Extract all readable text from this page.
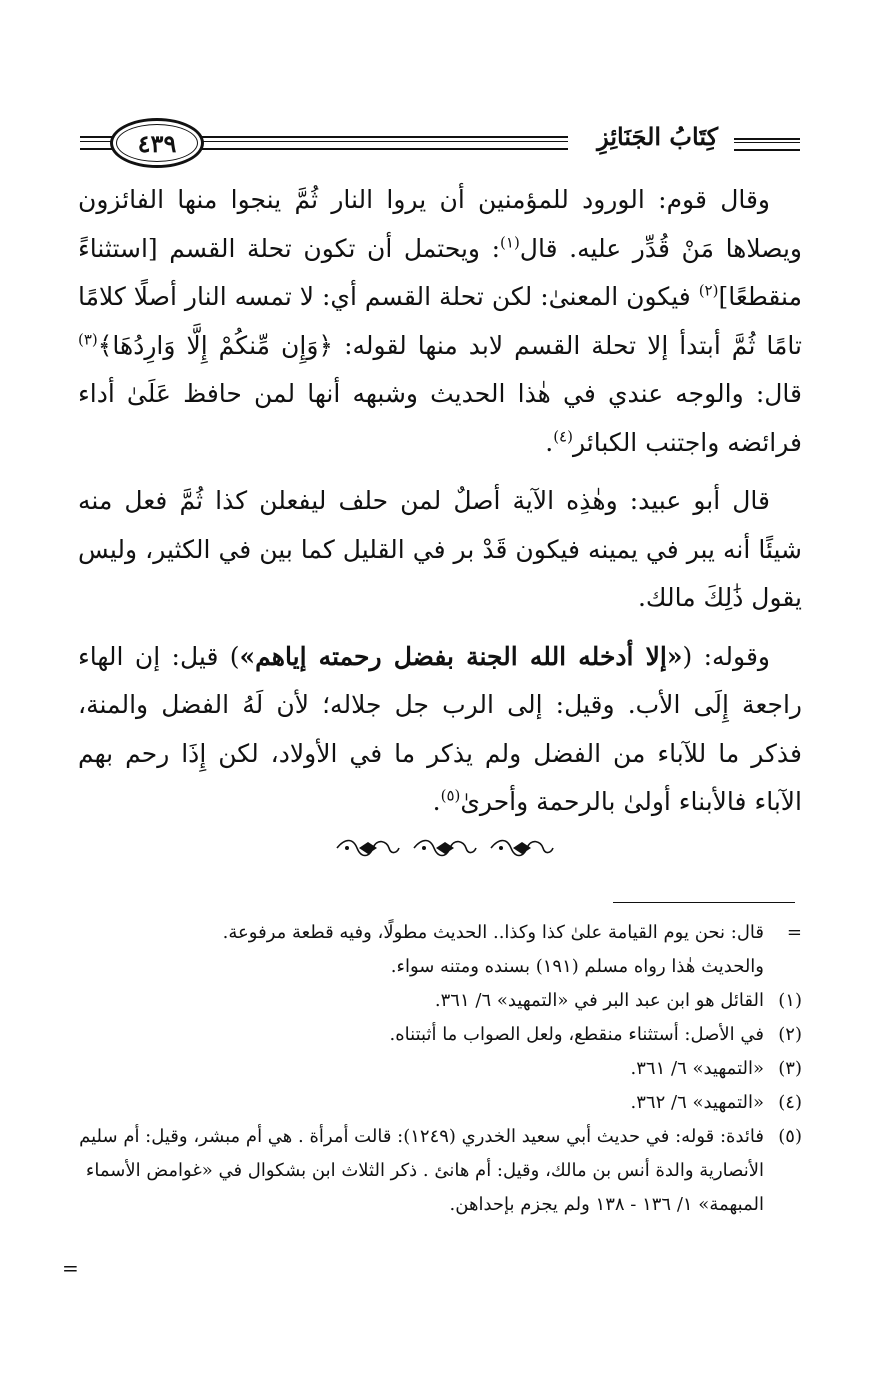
كِتَابُ الجَنَائِزِ
٤٣٩

وقال قوم: الورود للمؤمنين أن يروا النار ثُمَّ ينجوا منها الفائزون ويصلاها مَنْ قُدِّر عليه. قال$^{(١)}$: ويحتمل أن تكون تحلة القسم [استثناءً منقطعًا]$^{(٢)}$ فيكون المعنىٰ: لكن تحلة القسم أي: لا تمسه النار أصلًا كلامًا تامًا ثُمَّ أبتدأ إلا تحلة القسم لابد منها لقوله: ﴿وَإِن مِّنكُمْ إِلَّا وَارِدُهَا﴾$^{(٣)}$ قال: والوجه عندي في هٰذا الحديث وشبهه أنها لمن حافظ عَلَىٰ أداء فرائضه واجتنب الكبائر$^{(٤)}$.

قال أبو عبيد: وهٰذِه الآية أصلٌ لمن حلف ليفعلن كذا ثُمَّ فعل منه شيئًا أنه يبر في يمينه فيكون قَدْ بر في القليل كما بين في الكثير، وليس يقول ذَٰلِكَ مالك.

وقوله: («إلا أدخله الله الجنة بفضل رحمته إياهم») قيل: إن الهاء راجعة إِلَى الأب. وقيل: إلى الرب جل جلاله؛ لأن لَهُ الفضل والمنة، فذكر ما للآباء من الفضل ولم يذكر ما في الأولاد، لكن إِذَا رحم بهم الآباء فالأبناء أولىٰ بالرحمة وأحرىٰ$^{(٥)}$.

=
قال: نحن يوم القيامة علىٰ كذا وكذا.. الحديث مطولًا، وفيه قطعة مرفوعة.
والحديث هٰذا رواه مسلم (١٩١) بسنده ومتنه سواء.
(١)
القائل هو ابن عبد البر في «التمهيد» ٦/ ٣٦١.
(٢)
في الأصل: أستثناء منقطع، ولعل الصواب ما أثبتناه.
(٣)
«التمهيد» ٦/ ٣٦١.
(٤)
«التمهيد» ٦/ ٣٦٢.
(٥)
فائدة: قوله: في حديث أبي سعيد الخدري (١٢٤٩): قالت أمرأة . هي أم مبشر، وقيل: أم سليم الأنصارية والدة أنس بن مالك، وقيل: أم هانئ . ذكر الثلاث ابن بشكوال في «غوامض الأسماء المبهمة» ١/ ١٣٦ - ١٣٨ ولم يجزم بإحداهن.
=
